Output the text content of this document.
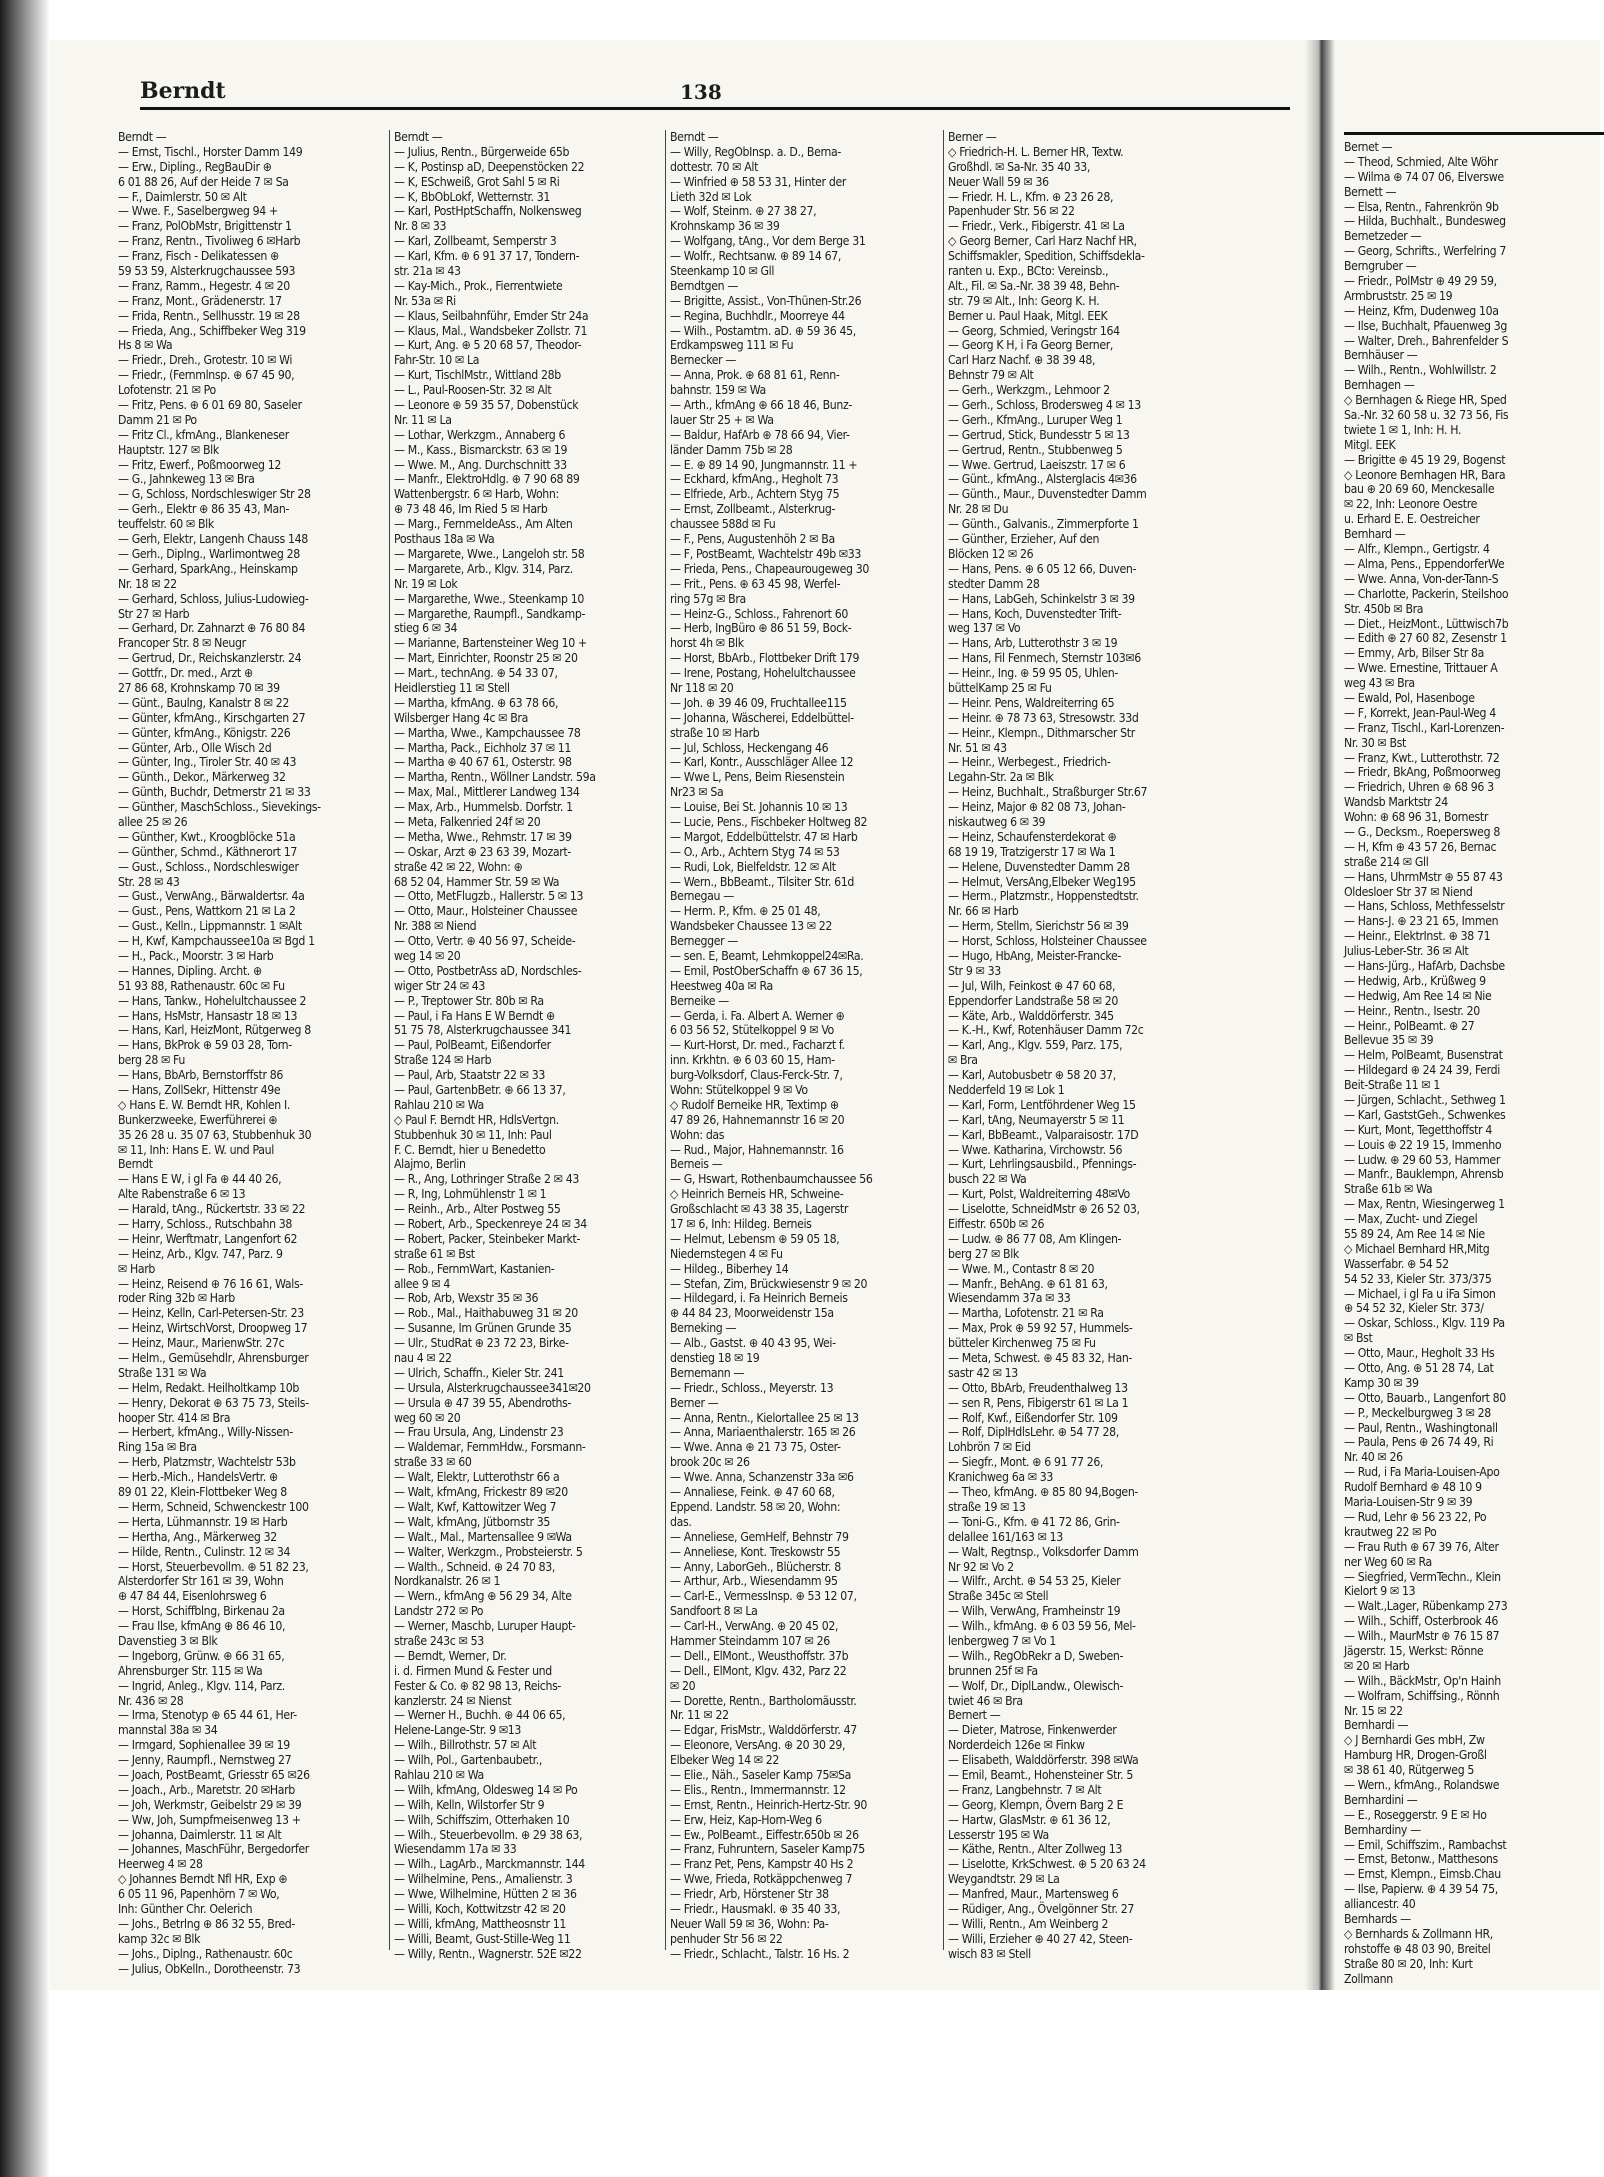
Berndt	138
Berndt —
— Ernst, Tischl., Horster Damm 149
— Erw., Dipling., RegBauDir ⊕
6 01 88 26, Auf der Heide 7 ✉ Sa
— F., Daimlerstr. 50 ✉ Alt
— Wwe. F., Saselbergweg 94 +
— Franz, PolObMstr, Brigittenstr 1
— Franz, Rentn., Tivoliweg 6 ✉Harb
— Franz, Fisch - Delikatessen ⊕
59 53 59, Alsterkrugchaussee 593
— Franz, Ramm., Hegestr. 4 ✉ 20
— Franz, Mont., Grädenerstr. 17
— Frida, Rentn., Sellhusstr. 19 ✉ 28
— Frieda, Ang., Schiffbeker Weg 319
Hs 8 ✉ Wa
— Friedr., Dreh., Grotestr. 10 ✉ Wi
— Friedr., (Fernmlnsp. ⊕ 67 45 90,
Lofotenstr. 21 ✉ Po
— Fritz, Pens. ⊕ 6 01 69 80, Saseler
Damm 21 ✉ Po
— Fritz Cl., kfmAng., Blankeneser
Hauptstr. 127 ✉ Blk
— Fritz, Ewerf., Poßmoorweg 12
— G., Jahnkeweg 13 ✉ Bra
— G, Schloss, Nordschleswiger Str 28
— Gerh., Elektr ⊕ 86 35 43, Man-
teuffelstr. 60 ✉ Blk
— Gerh, Elektr, Langenh Chauss 148
— Gerh., Diplng., Warlimontweg 28
— Gerhard, SparkAng., Heinskamp
Nr. 18 ✉ 22
— Gerhard, Schloss, Julius-Ludowieg-
Str 27 ✉ Harb
— Gerhard, Dr. Zahnarzt ⊕ 76 80 84
Francoper Str. 8 ✉ Neugr
— Gertrud, Dr., Reichskanzlerstr. 24
— Gottfr., Dr. med., Arzt ⊕
27 86 68, Krohnskamp 70 ✉ 39
— Günt., Baulng, Kanalstr 8 ✉ 22
— Günter, kfmAng., Kirschgarten 27
— Günter, kfmAng., Königstr. 226
— Günter, Arb., Olle Wisch 2d
— Günter, Ing., Tiroler Str. 40 ✉ 43
— Günth., Dekor., Märkerweg 32
— Günth, Buchdr, Detmerstr 21 ✉ 33
— Günther, MaschSchloss., Sievekings-
allee 25 ✉ 26
— Günther, Kwt., Kroogblöcke 51a
— Günther, Schmd., Käthnerort 17
— Gust., Schloss., Nordschleswiger
Str. 28 ✉ 43
— Gust., VerwAng., Bärwaldertsr. 4a
— Gust., Pens, Wattkorn 21 ✉ La 2
— Gust., Kelln., Lippmannstr. 1 ✉Alt
— H, Kwf, Kampchaussee10a ✉ Bgd 1
— H., Pack., Moorstr. 3 ✉ Harb
— Hannes, Dipling. Archt. ⊕
51 93 88, Rathenaustr. 60c ✉ Fu
— Hans, Tankw., Hohelultchaussee 2
— Hans, HsMstr, Hansastr 18 ✉ 13
— Hans, Karl, HeizMont, Rütgerweg 8
— Hans, BkProk ⊕ 59 03 28, Torn-
berg 28 ✉ Fu
— Hans, BbArb, Bernstorffstr 86
— Hans, ZollSekr, Hittenstr 49e
◇ Hans E. W. Berndt HR, Kohlen I.
Bunkerzweeke, Ewerführerei ⊕
35 26 28 u. 35 07 63, Stubbenhuk 30
✉ 11, Inh: Hans E. W. und Paul
Berndt
— Hans E W, i gl Fa ⊕ 44 40 26,
Alte Rabenstraße 6 ✉ 13
— Harald, tAng., Rückertstr. 33 ✉ 22
— Harry, Schloss., Rutschbahn 38
— Heinr, Werftmatr, Langenfort 62
— Heinz, Arb., Klgv. 747, Parz. 9
✉ Harb
— Heinz, Reisend ⊕ 76 16 61, Wals-
roder Ring 32b ✉ Harb
— Heinz, Kelln, Carl-Petersen-Str. 23
— Heinz, WirtschVorst, Droopweg 17
— Heinz, Maur., MarienwStr. 27c
— Helm., Gemüsehdlr, Ahrensburger
Straße 131 ✉ Wa
— Helm, Redakt. Heilholtkamp 10b
— Henry, Dekorat ⊕ 63 75 73, Steils-
hooper Str. 414 ✉ Bra
— Herbert, kfmAng., Willy-Nissen-
Ring 15a ✉ Bra
— Herb, Platzmstr, Wachtelstr 53b
— Herb.-Mich., HandelsVertr. ⊕
89 01 22, Klein-Flottbeker Weg 8
— Herm, Schneid, Schwenckestr 100
— Herta, Lühmannstr. 19 ✉ Harb
— Hertha, Ang., Märkerweg 32
— Hilde, Rentn., Culinstr. 12 ✉ 34
— Horst, Steuerbevollm. ⊕ 51 82 23,
Alsterdorfer Str 161 ✉ 39, Wohn
⊕ 47 84 44, Eisenlohrsweg 6
— Horst, Schiffblng, Birkenau 2a
— Frau Ilse, kfmAng ⊕ 86 46 10,
Davenstieg 3 ✉ Blk
— Ingeborg, Grünw. ⊕ 66 31 65,
Ahrensburger Str. 115 ✉ Wa
— Ingrid, Anleg., Klgv. 114, Parz.
Nr. 436 ✉ 28
— Irma, Stenotyp ⊕ 65 44 61, Her-
mannstal 38a ✉ 34
— Irmgard, Sophienallee 39 ✉ 19
— Jenny, Raumpfl., Nernstweg 27
— Joach, PostBeamt, Griesstr 65 ✉26
— Joach., Arb., Maretstr. 20 ✉Harb
— Joh, Werkmstr, Geibelstr 29 ✉ 39
— Ww, Joh, Sumpfmeisenweg 13 +
— Johanna, Daimlerstr. 11 ✉ Alt
— Johannes, MaschFühr, Bergedorfer
Heerweg 4 ✉ 28
◇ Johannes Berndt Nfl HR, Exp ⊕
6 05 11 96, Papenhörn 7 ✉ Wo,
Inh: Günther Chr. Oelerich
— Johs., Betrlng ⊕ 86 32 55, Bred-
kamp 32c ✉ Blk
— Johs., Diplng., Rathenaustr. 60c
— Julius, ObKelln., Dorotheenstr. 73
Berndt —
— Julius, Rentn., Bürgerweide 65b
— K, Postinsp aD, Deepenstöcken 22
— K, ESchweiß, Grot Sahl 5 ✉ Ri
— K, BbObLokf, Wetternstr. 31
— Karl, PostHptSchaffn, Nolkensweg
Nr. 8 ✉ 33
— Karl, Zollbeamt, Semperstr 3
— Karl, Kfm. ⊕ 6 91 37 17, Tondern-
str. 21a ✉ 43
— Kay-Mich., Prok., Fierrentwiete
Nr. 53a ✉ Ri
— Klaus, Seilbahnführ, Emder Str 24a
— Klaus, Mal., Wandsbeker Zollstr. 71
— Kurt, Ang. ⊕ 5 20 68 57, Theodor-
Fahr-Str. 10 ✉ La
— Kurt, TischlMstr., Wittland 28b
— L., Paul-Roosen-Str. 32 ✉ Alt
— Leonore ⊕ 59 35 57, Dobenstück
Nr. 11 ✉ La
— Lothar, Werkzgm., Annaberg 6
— M., Kass., Bismarckstr. 63 ✉ 19
— Wwe. M., Ang. Durchschnitt 33
— Manfr., ElektroHdlg. ⊕ 7 90 68 89
Wattenbergstr. 6 ✉ Harb, Wohn:
⊕ 73 48 46, Im Ried 5 ✉ Harb
— Marg., FernmeldeAss., Am Alten
Posthaus 18a ✉ Wa
— Margarete, Wwe., Langeloh str. 58
— Margarete, Arb., Klgv. 314, Parz.
Nr. 19 ✉ Lok
— Margarethe, Wwe., Steenkamp 10
— Margarethe, Raumpfl., Sandkamp-
stieg 6 ✉ 34
— Marianne, Bartensteiner Weg 10 +
— Mart, Einrichter, Roonstr 25 ✉ 20
— Mart., technAng. ⊕ 54 33 07,
Heidlerstieg 11 ✉ Stell
— Martha, kfmAng. ⊕ 63 78 66,
Wilsberger Hang 4c ✉ Bra
— Martha, Wwe., Kampchaussee 78
— Martha, Pack., Eichholz 37 ✉ 11
— Martha ⊕ 40 67 61, Osterstr. 98
— Martha, Rentn., Wöllner Landstr. 59a
— Max, Mal., Mittlerer Landweg 134
— Max, Arb., Hummelsb. Dorfstr. 1
— Meta, Falkenried 24f ✉ 20
— Metha, Wwe., Rehmstr. 17 ✉ 39
— Oskar, Arzt ⊕ 23 63 39, Mozart-
straße 42 ✉ 22, Wohn: ⊕
68 52 04, Hammer Str. 59 ✉ Wa
— Otto, MetFlugzb., Hallerstr. 5 ✉ 13
— Otto, Maur., Holsteiner Chaussee
Nr. 388 ✉ Niend
— Otto, Vertr. ⊕ 40 56 97, Scheide-
weg 14 ✉ 20
— Otto, PostbetrAss aD, Nordschles-
wiger Str 24 ✉ 43
— P., Treptower Str. 80b ✉ Ra
— Paul, i Fa Hans E W Berndt ⊕
51 75 78, Alsterkrugchaussee 341
— Paul, PolBeamt, Eißendorfer
Straße 124 ✉ Harb
— Paul, Arb, Staatstr 22 ✉ 33
— Paul, GartenbBetr. ⊕ 66 13 37,
Rahlau 210 ✉ Wa
◇ Paul F. Berndt HR, HdlsVertgn.
Stubbenhuk 30 ✉ 11, Inh: Paul
F. C. Berndt, hier u Benedetto
Alajmo, Berlin
— R., Ang, Lothringer Straße 2 ✉ 43
— R, Ing, Lohmühlenstr 1 ✉ 1
— Reinh., Arb., Alter Postweg 55
— Robert, Arb., Speckenreye 24 ✉ 34
— Robert, Packer, Steinbeker Markt-
straße 61 ✉ Bst
— Rob., FernmWart, Kastanien-
allee 9 ✉ 4
— Rob, Arb, Wexstr 35 ✉ 36
— Rob., Mal., Haithabuweg 31 ✉ 20
— Susanne, Im Grünen Grunde 35
— Ulr., StudRat ⊕ 23 72 23, Birke-
nau 4 ✉ 22
— Ulrich, Schaffn., Kieler Str. 241
— Ursula, Alsterkrugchaussee341✉20
— Ursula ⊕ 47 39 55, Abendroths-
weg 60 ✉ 20
— Frau Ursula, Ang, Lindenstr 23
— Waldemar, FernmHdw., Forsmann-
straße 33 ✉ 60
— Walt, Elektr, Lutterothstr 66 a
— Walt, kfmAng, Frickestr 89 ✉20
— Walt, Kwf, Kattowitzer Weg 7
— Walt, kfmAng, Jütbornstr 35
— Walt., Mal., Martensallee 9 ✉Wa
— Walter, Werkzgm., Probsteierstr. 5
— Walth., Schneid. ⊕ 24 70 83,
Nordkanalstr. 26 ✉ 1
— Wern., kfmAng ⊕ 56 29 34, Alte
Landstr 272 ✉ Po
— Werner, Maschb, Luruper Haupt-
straße 243c ✉ 53
— Berndt, Werner, Dr.
i. d. Firmen Mund & Fester und
Fester & Co. ⊕ 82 98 13, Reichs-
kanzlerstr. 24 ✉ Nienst
— Werner H., Buchh. ⊕ 44 06 65,
Helene-Lange-Str. 9 ✉13
— Wilh., Billrothstr. 57 ✉ Alt
— Wilh, Pol., Gartenbaubetr.,
Rahlau 210 ✉ Wa
— Wilh, kfmAng, Oldesweg 14 ✉ Po
— Wilh, Kelln, Wilstorfer Str 9
— Wilh, Schiffszim, Otterhaken 10
— Wilh., Steuerbevollm. ⊕ 29 38 63,
Wiesendamm 17a ✉ 33
— Wilh., LagArb., Marckmannstr. 144
— Wilhelmine, Pens., Amalienstr. 3
— Wwe, Wilhelmine, Hütten 2 ✉ 36
— Willi, Koch, Kottwitzstr 42 ✉ 20
— Willi, kfmAng, Mattheosnstr 11
— Willi, Beamt, Gust-Stille-Weg 11
— Willy, Rentn., Wagnerstr. 52E ✉22
Berndt —
— Willy, RegObInsp. a. D., Berna-
dottestr. 70 ✉ Alt
— Winfried ⊕ 58 53 31, Hinter der
Lieth 32d ✉ Lok
— Wolf, Steinm. ⊕ 27 38 27,
Krohnskamp 36 ✉ 39
— Wolfgang, tAng., Vor dem Berge 31
— Wolfr., Rechtsanw. ⊕ 89 14 67,
Steenkamp 10 ✉ Gll
Berndtgen —
— Brigitte, Assist., Von-Thünen-Str.26
— Regina, Buchhdlr., Moorreye 44
— Wilh., Postamtm. aD. ⊕ 59 36 45,
Erdkampsweg 111 ✉ Fu
Bernecker —
— Anna, Prok. ⊕ 68 81 61, Renn-
bahnstr. 159 ✉ Wa
— Arth., kfmAng ⊕ 66 18 46, Bunz-
lauer Str 25 + ✉ Wa
— Baldur, HafArb ⊕ 78 66 94, Vier-
länder Damm 75b ✉ 28
— E. ⊕ 89 14 90, Jungmannstr. 11 +
— Eckhard, kfmAng., Hegholt 73
— Elfriede, Arb., Achtern Styg 75
— Ernst, Zollbeamt., Alsterkrug-
chaussee 588d ✉ Fu
— F., Pens, Augustenhöh 2 ✉ Ba
— F, PostBeamt, Wachtelstr 49b ✉33
— Frieda, Pens., Chapeaurougeweg 30
— Frit., Pens. ⊕ 63 45 98, Werfel-
ring 57g ✉ Bra
— Heinz-G., Schloss., Fahrenort 60
— Herb, IngBüro ⊕ 86 51 59, Bock-
horst 4h ✉ Blk
— Horst, BbArb., Flottbeker Drift 179
— Irene, Postang, Hohelultchaussee
Nr 118 ✉ 20
— Joh. ⊕ 39 46 09, Fruchtallee115
— Johanna, Wäscherei, Eddelbüttel-
straße 10 ✉ Harb
— Jul, Schloss, Heckengang 46
— Karl, Kontr., Ausschläger Allee 12
— Wwe L, Pens, Beim Riesenstein
Nr23 ✉ Sa
— Louise, Bei St. Johannis 10 ✉ 13
— Lucie, Pens., Fischbeker Holtweg 82
— Margot, Eddelbüttelstr. 47 ✉ Harb
— O., Arb., Achtern Styg 74 ✉ 53
— Rudi, Lok, Bielfeldstr. 12 ✉ Alt
— Wern., BbBeamt., Tilsiter Str. 61d
Bernegau —
— Herm. P., Kfm. ⊕ 25 01 48,
Wandsbeker Chaussee 13 ✉ 22
Bernegger —
— sen. E, Beamt, Lehmkoppel24✉Ra.
— Emil, PostOberSchaffn ⊕ 67 36 15,
Heestweg 40a ✉ Ra
Berneike —
— Gerda, i. Fa. Albert A. Werner ⊕
6 03 56 52, Stütelkoppel 9 ✉ Vo
— Kurt-Horst, Dr. med., Facharzt f.
inn. Krkhtn. ⊕ 6 03 60 15, Ham-
burg-Volksdorf, Claus-Ferck-Str. 7,
Wohn: Stütelkoppel 9 ✉ Vo
◇ Rudolf Berneike HR, Textimp ⊕
47 89 26, Hahnemannstr 16 ✉ 20
Wohn: das
— Rud., Major, Hahnemannstr. 16
Berneis —
— G, Hswart, Rothenbaumchaussee 56
◇ Heinrich Berneis HR, Schweine-
Großschlacht ✉ 43 38 35, Lagerstr
17 ✉ 6, Inh: Hildeg. Berneis
— Helmut, Lebensm ⊕ 59 05 18,
Niedernstegen 4 ✉ Fu
— Hildeg., Biberhey 14
— Stefan, Zim, Brückwiesenstr 9 ✉ 20
— Hildegard, i. Fa Heinrich Berneis
⊕ 44 84 23, Moorweidenstr 15a
Berneking —
— Alb., Gastst. ⊕ 40 43 95, Wei-
denstieg 18 ✉ 19
Bernemann —
— Friedr., Schloss., Meyerstr. 13
Berner —
— Anna, Rentn., Kielortallee 25 ✉ 13
— Anna, Mariaenthalerstr. 165 ✉ 26
— Wwe. Anna ⊕ 21 73 75, Oster-
brook 20c ✉ 26
— Wwe. Anna, Schanzenstr 33a ✉6
— Annaliese, Feink. ⊕ 47 60 68,
Eppend. Landstr. 58 ✉ 20, Wohn:
das.
— Anneliese, GemHelf, Behnstr 79
— Anneliese, Kont. Treskowstr 55
— Anny, LaborGeh., Blücherstr. 8
— Arthur, Arb., Wiesendamm 95
— Carl-E., VermessInsp. ⊕ 53 12 07,
Sandfoort 8 ✉ La
— Carl-H., VerwAng. ⊕ 20 45 02,
Hammer Steindamm 107 ✉ 26
— Dell., ElMont., Weusthoffstr. 37b
— Dell., ElMont, Klgv. 432, Parz 22
✉ 20
— Dorette, Rentn., Bartholomäusstr.
Nr. 11 ✉ 22
— Edgar, FrisMstr., Walddörferstr. 47
— Eleonore, VersAng. ⊕ 20 30 29,
Elbeker Weg 14 ✉ 22
— Elie., Näh., Saseler Kamp 75✉Sa
— Elis., Rentn., Immermannstr. 12
— Ernst, Rentn., Heinrich-Hertz-Str. 90
— Erw, Heiz, Kap-Horn-Weg 6
— Ew., PolBeamt., Eiffestr.650b ✉ 26
— Franz, Fuhruntern, Saseler Kamp75
— Franz Pet, Pens, Kampstr 40 Hs 2
— Wwe, Frieda, Rotkäppchenweg 7
— Friedr, Arb, Hörstener Str 38
— Friedr., Hausmakl. ⊕ 35 40 33,
Neuer Wall 59 ✉ 36, Wohn: Pa-
penhuder Str 56 ✉ 22
— Friedr., Schlacht., Talstr. 16 Hs. 2
Berner —
◇ Friedrich-H. L. Berner HR, Textw.
Großhdl. ✉ Sa-Nr. 35 40 33,
Neuer Wall 59 ✉ 36
— Friedr. H. L., Kfm. ⊕ 23 26 28,
Papenhuder Str. 56 ✉ 22
— Friedr., Verk., Fibigerstr. 41 ✉ La
◇ Georg Berner, Carl Harz Nachf HR,
Schiffsmakler, Spedition, Schiffsdekla-
ranten u. Exp., BCto: Vereinsb.,
Alt., Fil. ✉ Sa.-Nr. 38 39 48, Behn-
str. 79 ✉ Alt., Inh: Georg K. H.
Berner u. Paul Haak, Mitgl. EEK
— Georg, Schmied, Veringstr 164
— Georg K H, i Fa Georg Berner,
Carl Harz Nachf. ⊕ 38 39 48,
Behnstr 79 ✉ Alt
— Gerh., Werkzgm., Lehmoor 2
— Gerh., Schloss, Brodersweg 4 ✉ 13
— Gerh., KfmAng., Luruper Weg 1
— Gertrud, Stick, Bundesstr 5 ✉ 13
— Gertrud, Rentn., Stubbenweg 5
— Wwe. Gertrud, Laeiszstr. 17 ✉ 6
— Günt., kfmAng., Alsterglacis 4✉36
— Günth., Maur., Duvenstedter Damm
Nr. 28 ✉ Du
— Günth., Galvanis., Zimmerpforte 1
— Günther, Erzieher, Auf den
Blöcken 12 ✉ 26
— Hans, Pens. ⊕ 6 05 12 66, Duven-
stedter Damm 28
— Hans, LabGeh, Schinkelstr 3 ✉ 39
— Hans, Koch, Duvenstedter Trift-
weg 137 ✉ Vo
— Hans, Arb, Lutterothstr 3 ✉ 19
— Hans, Fil Fenmech, Sternstr 103✉6
— Heinr., Ing. ⊕ 59 95 05, Uhlen-
büttelKamp 25 ✉ Fu
— Heinr. Pens, Waldreiterring 65
— Heinr. ⊕ 78 73 63, Stresowstr. 33d
— Heinr., Klempn., Dithmarscher Str
Nr. 51 ✉ 43
— Heinr., Werbegest., Friedrich-
Legahn-Str. 2a ✉ Blk
— Heinz, Buchhalt., Straßburger Str.67
— Heinz, Major ⊕ 82 08 73, Johan-
niskautweg 6 ✉ 39
— Heinz, Schaufensterdekorat ⊕
68 19 19, Tratzigerstr 17 ✉ Wa 1
— Helene, Duvenstedter Damm 28
— Helmut, VersAng,Elbeker Weg195
— Herm., Platzmstr., Hoppenstedtstr.
Nr. 66 ✉ Harb
— Herm, Stellm, Sierichstr 56 ✉ 39
— Horst, Schloss, Holsteiner Chaussee
— Hugo, HbAng, Meister-Francke-
Str 9 ✉ 33
— Jul, Wilh, Feinkost ⊕ 47 60 68,
Eppendorfer Landstraße 58 ✉ 20
— Käte, Arb., Walddörferstr. 345
— K.-H., Kwf, Rotenhäuser Damm 72c
— Karl, Ang., Klgv. 559, Parz. 175,
✉ Bra
— Karl, Autobusbetr ⊕ 58 20 37,
Nedderfeld 19 ✉ Lok 1
— Karl, Form, Lentföhrdener Weg 15
— Karl, tAng, Neumayerstr 5 ✉ 11
— Karl, BbBeamt., Valparaisostr. 17D
— Wwe. Katharina, Virchowstr. 56
— Kurt, Lehrlingsausbild., Pfennings-
busch 22 ✉ Wa
— Kurt, Polst, Waldreiterring 48✉Vo
— Liselotte, SchneidMstr ⊕ 26 52 03,
Eiffestr. 650b ✉ 26
— Ludw. ⊕ 86 77 08, Am Klingen-
berg 27 ✉ Blk
— Wwe. M., Contastr 8 ✉ 20
— Manfr., BehAng. ⊕ 61 81 63,
Wiesendamm 37a ✉ 33
— Martha, Lofotenstr. 21 ✉ Ra
— Max, Prok ⊕ 59 92 57, Hummels-
bütteler Kirchenweg 75 ✉ Fu
— Meta, Schwest. ⊕ 45 83 32, Han-
sastr 42 ✉ 13
— Otto, BbArb, Freudenthalweg 13
— sen R, Pens, Fibigerstr 61 ✉ La 1
— Rolf, Kwf., Eißendorfer Str. 109
— Rolf, DiplHdlsLehr. ⊕ 54 77 28,
Lohbrön 7 ✉ Eid
— Siegfr., Mont. ⊕ 6 91 77 26,
Kranichweg 6a ✉ 33
— Theo, kfmAng. ⊕ 85 80 94,Bogen-
straße 19 ✉ 13
— Toni-G., Kfm. ⊕ 41 72 86, Grin-
delallee 161/163 ✉ 13
— Walt, Regtnsp., Volksdorfer Damm
Nr 92 ✉ Vo 2
— Wilfr., Archt. ⊕ 54 53 25, Kieler
Straße 345c ✉ Stell
— Wilh, VerwAng, Framheinstr 19
— Wilh., kfmAng. ⊕ 6 03 59 56, Mel-
lenbergweg 7 ✉ Vo 1
— Wilh., RegObRekr a D, Sweben-
brunnen 25f ✉ Fa
— Wolf, Dr., DiplLandw., Olewisch-
twiet 46 ✉ Bra
Bernert —
— Dieter, Matrose, Finkenwerder
Norderdeich 126e ✉ Finkw
— Elisabeth, Walddörferstr. 398 ✉Wa
— Emil, Beamt., Hohensteiner Str. 5
— Franz, Langbehnstr. 7 ✉ Alt
— Georg, Klempn, Övern Barg 2 E
— Hartw, GlasMstr. ⊕ 61 36 12,
Lesserstr 195 ✉ Wa
— Käthe, Rentn., Alter Zollweg 13
— Liselotte, KrkSchwest. ⊕ 5 20 63 24
Weygandtstr. 29 ✉ La
— Manfred, Maur., Martensweg 6
— Rüdiger, Ang., Övelgönner Str. 27
— Willi, Rentn., Am Weinberg 2
— Willi, Erzieher ⊕ 40 27 42, Steen-
wisch 83 ✉ Stell
Bernet —
— Theod, Schmied, Alte Wöhr
— Wilma ⊕ 74 07 06, Elverswe
Bernett —
— Elsa, Rentn., Fahrenkrön 9b
— Hilda, Buchhalt., Bundesweg
Bernetzeder —
— Georg, Schrifts., Werfelring 7
Berngruber —
— Friedr., PolMstr ⊕ 49 29 59,
Armbruststr. 25 ✉ 19
— Heinz, Kfm, Dudenweg 10a
— Ilse, Buchhalt, Pfauenweg 3g
— Walter, Dreh., Bahrenfelder S
Bernhäuser —
— Wilh., Rentn., Wohlwillstr. 2
Bernhagen —
◇ Bernhagen & Riege HR, Sped
Sa.-Nr. 32 60 58 u. 32 73 56, Fis
twiete 1 ✉ 1, Inh: H. H.
Mitgl. EEK
— Brigitte ⊕ 45 19 29, Bogenst
◇ Leonore Bernhagen HR, Bara
bau ⊕ 20 69 60, Menckesalle
✉ 22, Inh: Leonore Oestre
u. Erhard E. E. Oestreicher
Bernhard —
— Alfr., Klempn., Gertigstr. 4
— Alma, Pens., EppendorferWe
— Wwe. Anna, Von-der-Tann-S
— Charlotte, Packerin, Steilshoo
Str. 450b ✉ Bra
— Diet., HeizMont., Lüttwisch7b
— Edith ⊕ 27 60 82, Zesenstr 1
— Emmy, Arb, Bilser Str 8a
— Wwe. Ernestine, Trittauer A
weg 43 ✉ Bra
— Ewald, Pol, Hasenboge
— F, Korrekt, Jean-Paul-Weg 4
— Franz, Tischl., Karl-Lorenzen-
Nr. 30 ✉ Bst
— Franz, Kwt., Lutterothstr. 72
— Friedr, BkAng, Poßmoorweg
— Friedrich, Uhren ⊕ 68 96 3
Wandsb Marktstr 24
Wohn: ⊕ 68 96 31, Bornestr
— G., Decksm., Roepersweg 8
— H, Kfm ⊕ 43 57 26, Bernac
straße 214 ✉ Gll
— Hans, UhrmMstr ⊕ 55 87 43
Oldesloer Str 37 ✉ Niend
— Hans, Schloss, Methfesselstr
— Hans-J. ⊕ 23 21 65, Immen
— Heinr., ElektrInst. ⊕ 38 71
Julius-Leber-Str. 36 ✉ Alt
— Hans-Jürg., HafArb, Dachsbe
— Hedwig, Arb., Krüßweg 9
— Hedwig, Am Ree 14 ✉ Nie
— Heinr., Rentn., Isestr. 20
— Heinr., PolBeamt. ⊕ 27
Bellevue 35 ✉ 39
— Helm, PolBeamt, Busenstrat
— Hildegard ⊕ 24 24 39, Ferdi
Beit-Straße 11 ✉ 1
— Jürgen, Schlacht., Sethweg 1
— Karl, GaststGeh., Schwenkes
— Kurt, Mont, Tegetthoffstr 4
— Louis ⊕ 22 19 15, Immenho
— Ludw. ⊕ 29 60 53, Hammer
— Manfr., Bauklempn, Ahrensb
Straße 61b ✉ Wa
— Max, Rentn, Wiesingerweg 1
— Max, Zucht- und Ziegel
55 89 24, Am Ree 14 ✉ Nie
◇ Michael Bernhard HR,Mitg
Wasserfabr. ⊕ 54 52
54 52 33, Kieler Str. 373/375
— Michael, i gl Fa u iFa Simon
⊕ 54 52 32, Kieler Str. 373/
— Oskar, Schloss., Klgv. 119 Pa
✉ Bst
— Otto, Maur., Hegholt 33 Hs
— Otto, Ang. ⊕ 51 28 74, Lat
Kamp 30 ✉ 39
— Otto, Bauarb., Langenfort 80
— P., Meckelburgweg 3 ✉ 28
— Paul, Rentn., Washingtonall
— Paula, Pens ⊕ 26 74 49, Ri
Nr. 40 ✉ 26
— Rud, i Fa Maria-Louisen-Apo
Rudolf Bernhard ⊕ 48 10 9
Maria-Louisen-Str 9 ✉ 39
— Rud, Lehr ⊕ 56 23 22, Po
krautweg 22 ✉ Po
— Frau Ruth ⊕ 67 39 76, Alter
ner Weg 60 ✉ Ra
— Siegfried, VermTechn., Klein
Kielort 9 ✉ 13
— Walt.,Lager, Rübenkamp 273
— Wilh., Schiff, Osterbrook 46
— Wilh., MaurMstr ⊕ 76 15 87
Jägerstr. 15, Werkst: Rönne
✉ 20 ✉ Harb
— Wilh., BäckMstr, Op'n Hainh
— Wolfram, Schiffsing., Rönnh
Nr. 15 ✉ 22
Bernhardi —
◇ J Bernhardi Ges mbH, Zw
Hamburg HR, Drogen-Großl
✉ 38 61 40, Rütgerweg 5
— Wern., kfmAng., Rolandswe
Bernhardini —
— E., Roseggerstr. 9 E ✉ Ho
Bernhardiny —
— Emil, Schiffszim., Rambachst
— Ernst, Betonw., Matthesons
— Ernst, Klempn., Eimsb.Chau
— Ilse, Papierw. ⊕ 4 39 54 75,
alliancestr. 40
Bernhards —
◇ Bernhards & Zollmann HR,
rohstoffe ⊕ 48 03 90, Breitel
Straße 80 ✉ 20, Inh: Kurt
Zollmann
